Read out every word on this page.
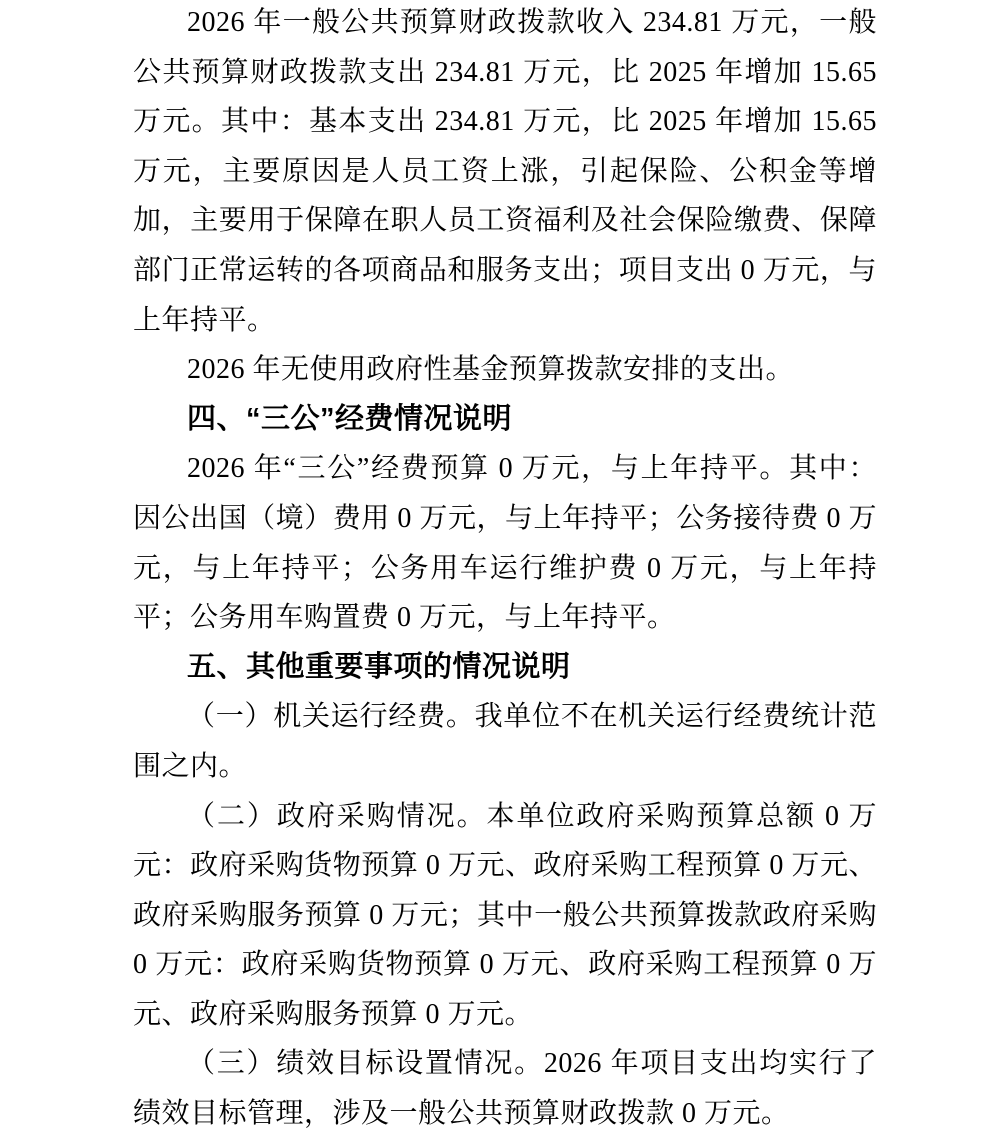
2026 年一般公共预算财政拨款收入 234.81 万元，一般公共预算财政拨款支出 234.81 万元，比 2025 年增加 15.65 万元。其中：基本支出 234.81 万元，比 2025 年增加 15.65 万元，主要原因是人员工资上涨，引起保险、公积金等增加，主要用于保障在职人员工资福利及社会保险缴费、保障部门正常运转的各项商品和服务支出；项目支出 0 万元，与上年持平。

2026 年无使用政府性基金预算拨款安排的支出。

四、“三公”经费情况说明

2026 年“三公”经费预算 0 万元，与上年持平。其中：因公出国（境）费用 0 万元，与上年持平；公务接待费 0 万元，与上年持平；公务用车运行维护费 0 万元，与上年持平；公务用车购置费 0 万元，与上年持平。

五、其他重要事项的情况说明

（一）机关运行经费。我单位不在机关运行经费统计范围之内。

（二）政府采购情况。本单位政府采购预算总额 0 万元：政府采购货物预算 0 万元、政府采购工程预算 0 万元、政府采购服务预算 0 万元；其中一般公共预算拨款政府采购 0 万元：政府采购货物预算 0 万元、政府采购工程预算 0 万元、政府采购服务预算 0 万元。

（三）绩效目标设置情况。2026 年项目支出均实行了绩效目标管理，涉及一般公共预算财政拨款 0 万元。
